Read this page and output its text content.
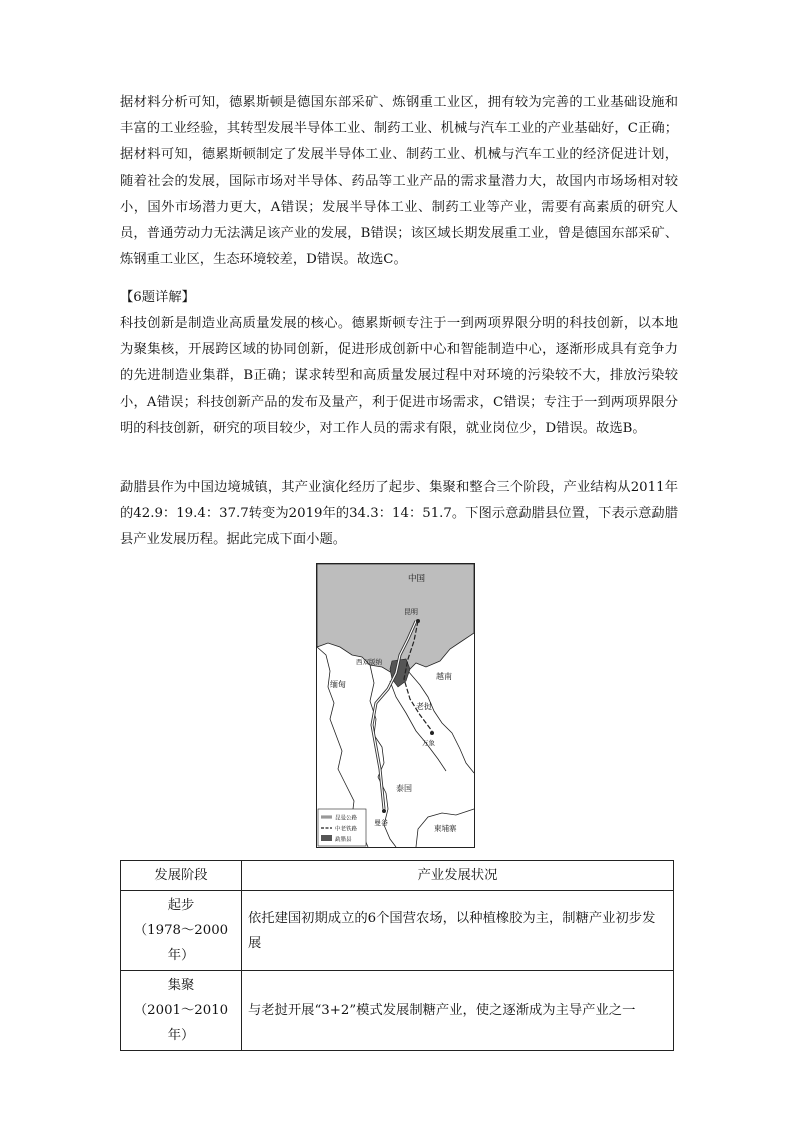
据材料分析可知，德累斯顿是德国东部采矿、炼钢重工业区，拥有较为完善的工业基础设施和丰富的工业经验，其转型发展半导体工业、制药工业、机械与汽车工业的产业基础好，C正确；据材料可知，德累斯顿制定了发展半导体工业、制药工业、机械与汽车工业的经济促进计划，随着社会的发展，国际市场对半导体、药品等工业产品的需求量潜力大，故国内市场场相对较小，国外市场潜力更大，A错误；发展半导体工业、制药工业等产业，需要有高素质的研究人员，普通劳动力无法满足该产业的发展，B错误；该区域长期发展重工业，曾是德国东部采矿、炼钢重工业区，生态环境较差，D错误。故选C。

【6题详解】

科技创新是制造业高质量发展的核心。德累斯顿专注于一到两项界限分明的科技创新，以本地为聚集核，开展跨区域的协同创新，促进形成创新中心和智能制造中心，逐渐形成具有竞争力的先进制造业集群，B正确；谋求转型和高质量发展过程中对环境的污染较不大，排放污染较小，A错误；科技创新产品的发布及量产，利于促进市场需求，C错误；专注于一到两项界限分明的科技创新，研究的项目较少，对工作人员的需求有限，就业岗位少，D错误。故选B。

勐腊县作为中国边境城镇，其产业演化经历了起步、集聚和整合三个阶段，产业结构从2011年的42.9：19.4：37.7转变为2019年的34.3：14：51.7。下图示意勐腊县位置，下表示意勐腊县产业发展历程。据此完成下面小题。

中国
昆明
西双版纳
缅甸
越南
老挝
万象
泰国
曼谷
柬埔寨
昆曼公路
中老铁路
勐腊县
发展阶段	产业发展状况

起步
（1978～2000年）	依托建国初期成立的6个国营农场，以种植橡胶为主，制糖产业初步发展

集聚
（2001～2010年）	与老挝开展“3+2”模式发展制糖产业，使之逐渐成为主导产业之一
